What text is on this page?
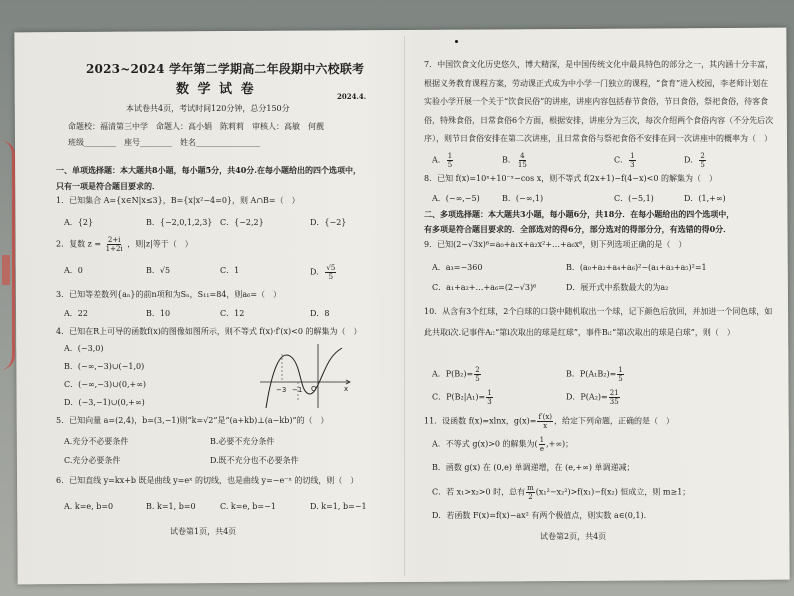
2023~2024 学年第二学期高二年段期中六校联考
数 学 试 卷	2024.4.
本试卷共4页，考试时间120分钟，总分150分
命题校：福清第三中学　命题人：高小娟　陈莉莉　审核人：高敏　何靓
班级________　座号________　姓名________________
一、单项选择题：本大题共8小题，每小题5分，共40分.在每小题给出的四个选项中，
只有一项是符合题目要求的．
1．已知集合 A={x∈N|x≤3}，B={x|x²−4=0}，则 A∩B=（　）
A．{2}	B．{−2,0,1,2,3} C．{−2,2}	D．{−2}
2．复数 $z = \frac{2+i}{1+2i}$ ，则|z|等于（　）
A．0	B．√5	C．1	D． $\frac{√5}{5}$
3．已知等差数列{aₙ}的前n项和为Sₙ，S₁₁=84，则a₆=（　）
A．22	B．10	C．12	D．8
4．已知在R上可导的函数f(x)的图像如图所示，则不等式 f(x)·f′(x)<0 的解集为（　）
A．(−3,0)
B．(−∞,−3)∪(−1,0)
C．(−∞,−3)∪(0,+∞)
D．(−3,−1)∪(0,+∞)
−3 −1 O	x
5．已知向量 a=(2,4)，b=(3,−1)则“k=√2”是“(a+kb)⊥(a−kb)”的（　）
A.充分不必要条件	B.必要不充分条件
C.充分必要条件	D.既不充分也不必要条件
6．已知直线 y=kx+b 既是曲线 y=eˣ 的切线，也是曲线 y=−e⁻ˣ 的切线，则（　）
A. k=e, b=0	B. k=1, b=0	C. k=e, b=−1	D. k=1, b=−1
试卷第1页，共4页
7．中国饮食文化历史悠久，博大精深，是中国传统文化中最具特色的部分之一，其内涵十分丰富，根据义务教育课程方案，劳动课正式成为中小学一门独立的课程，“食育”进入校园，李老师计划在实验小学开展一个关于“饮食民俗”的讲座，讲座内容包括春节食俗，节日食俗，祭祀食俗，待客食俗，特殊食俗，日常食俗6个方面，根据安排，讲座分为三次，每次介绍两个食俗内容（不分先后次序），则节日食俗安排在第二次讲座，且日常食俗与祭祀食俗不安排在同一次讲座中的概率为（　）
A． $\frac{1}{5}$	B． $\frac{4}{15}$	C． $\frac{1}{3}$	D． $\frac{2}{5}$
8．已知 f(x)=10ˣ+10⁻ˣ−cos x，则不等式 f(2x+1)−f(4−x)<0 的解集为（　）
A．(−∞,−5)	B．(−∞,1)	C．(−5,1)	D．(1,+∞)
二、多项选择题：本大题共3小题，每小题6分，共18分．在每小题给出的四个选项中，
有多项是符合题目要求的．全部选对的得6分，部分选对的得部分分，有选错的得0分．
9．已知(2−√3x)⁶=a₀+a₁x+a₂x²+…+a₆x⁶，则下列选项正确的是（　）
A．a₃=−360	B．(a₀+a₂+a₄+a₆)²−(a₁+a₃+a₅)²=1
C．a₁+a₂+…+a₆=(2−√3)⁶	D．展开式中系数最大的为a₂
10．从含有3个红球，2个白球的口袋中随机取出一个球，记下颜色后放回，并加进一个同色球，如此共取i次.记事件Aᵢ:“第i次取出的球是红球”，事件Bᵢ:“第i次取出的球是白球”，则（　）
A．$P(B_2)= \frac{2}{5}$	B．$P(A_1B_2)= \frac{1}{5}$
C．$P(B_2|A_1)= \frac{1}{3}$	D．$P(A_2)= \frac{21}{35}$
11．设函数 f(x)=xlnx，$g(x)= \frac{f'(x)}{x}$ ，给定下列命题，正确的是（　）
A．不等式 g(x)>0 的解集为( $\frac{1}{e}$ ,+∞)；
B．函数 g(x) 在 (0,e) 单调递增，在 (e,+∞) 单调递减；
C．若 x₁>x₂>0 时，总有 $\frac{m}{2} (x_1^2-x_2^2)>f(x_1)-f(x_2)$ 恒成立，则 m≥1；
D．若函数 F(x)=f(x)−ax² 有两个极值点，则实数 a∈(0,1).
试卷第2页，共4页
